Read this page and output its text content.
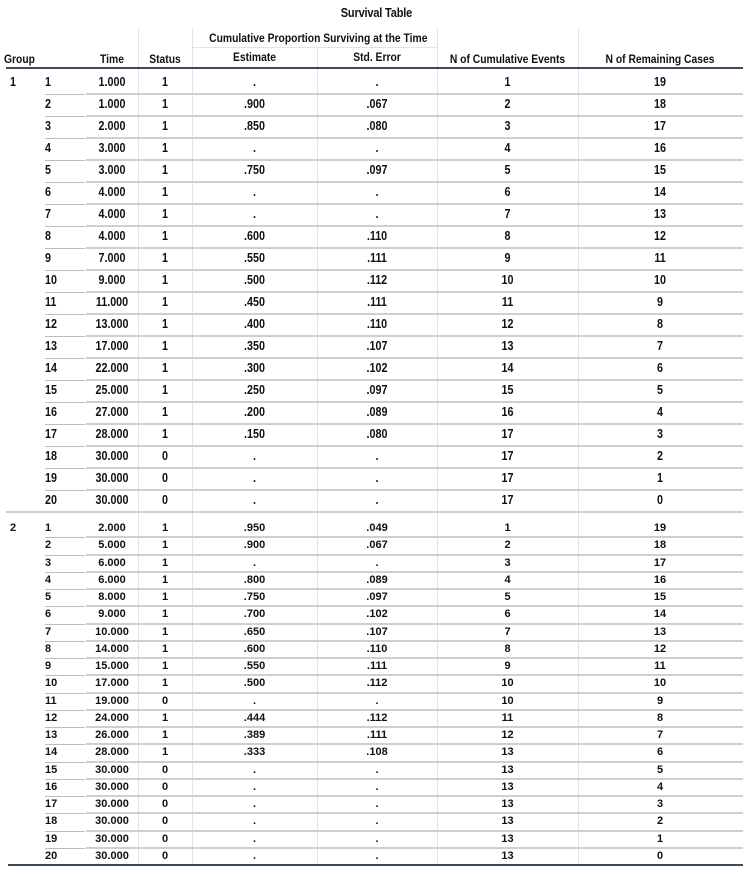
Survival Table
Group	Time	Status
Cumulative Proportion Surviving at the Time
Estimate	Std. Error	N of Cumulative Events	N of Remaining Cases
1 1	1.000	1	.	.	1	19
2	1.000	1	.900	.067	2	18
3	2.000	1	.850	.080	3	17
4	3.000	1	.	.	4	16
5	3.000	1	.750	.097	5	15
6	4.000	1	.	.	6	14
7	4.000	1	.	.	7	13
8	4.000	1	.600	.110	8	12
9	7.000	1	.550	.111	9	11
10	9.000	1	.500	.112	10	10
11	11.000	1	.450	.111	11	9
12	13.000	1	.400	.110	12	8
13	17.000	1	.350	.107	13	7
14	22.000	1	.300	.102	14	6
15	25.000	1	.250	.097	15	5
16	27.000	1	.200	.089	16	4
17	28.000	1	.150	.080	17	3
18	30.000	0	.	.	17	2
19	30.000	0	.	.	17	1
20	30.000	0	.	.	17	0
2	1	2.000	1	.950	.049	1	19
2	5.000	1	.900	.067	2	18
3	6.000	1	.	.	3	17
4	6.000	1	.800	.089	4	16
5	8.000	1	.750	.097	5	15
6	9.000	1	.700	.102	6	14
7	10.000	1	.650	.107	7	13
8	14.000	1	.600	.110	8	12
9	15.000	1	.550	.111	9	11
10	17.000	1	.500	.112	10	10
11	19.000	0	.	.	10	9
12	24.000	1	.444	.112	11	8
13	26.000	1	.389	.111	12	7
14	28.000	1	.333	.108	13	6
15	30.000	0	.	.	13	5
16	30.000	0	.	.	13	4
17	30.000	0	.	.	13	3
18	30.000	0	.	.	13	2
19	30.000	0	.	.	13	1
20	30.000	0	.	.	13	0
